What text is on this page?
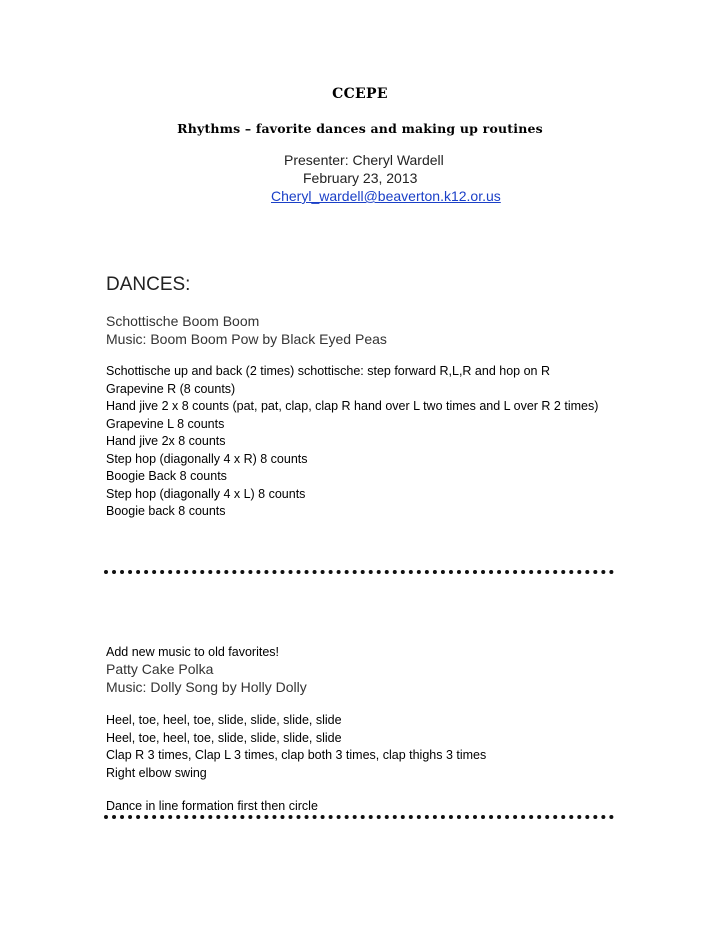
CCEPE
Rhythms – favorite dances and making up routines
Presenter: Cheryl Wardell
February 23, 2013
Cheryl_wardell@beaverton.k12.or.us
DANCES:
Schottische Boom Boom
Music: Boom Boom Pow by Black Eyed Peas
Schottische up and back (2 times) schottische: step forward R,L,R and hop on R
Grapevine R (8 counts)
Hand jive 2 x 8 counts (pat, pat, clap, clap R hand over L two times and L over R 2 times)
Grapevine L 8 counts
Hand jive 2x 8 counts
Step hop (diagonally 4 x R) 8 counts
Boogie Back 8 counts
Step hop (diagonally 4 x L) 8 counts
Boogie back 8 counts
Add new music to old favorites!
Patty Cake Polka
Music: Dolly Song by Holly Dolly
Heel, toe, heel, toe, slide, slide, slide, slide
Heel, toe, heel, toe, slide, slide, slide, slide
Clap R 3 times, Clap L 3 times, clap both 3 times, clap thighs 3 times
Right elbow swing
Dance in line formation first then circle
